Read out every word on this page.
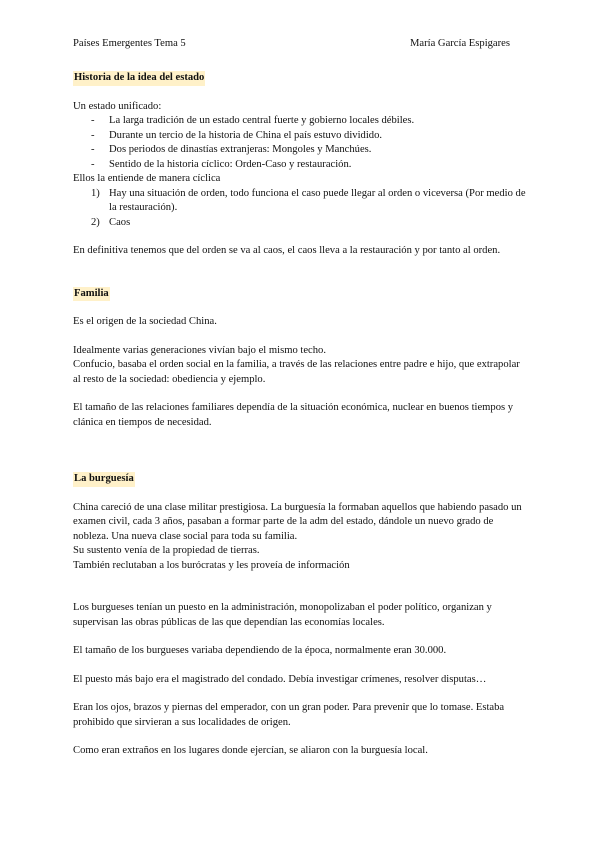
Países Emergentes Tema 5	María García Espigares
Historia de la idea del estado

Un estado unificado:

- La larga tradición de un estado central fuerte y gobierno locales débiles.
- Durante un tercio de la historia de China el país estuvo dividido.
- Dos periodos de dinastías extranjeras: Mongoles y Manchúes.
- Sentido de la historia cíclico: Orden-Caso y restauración.

Ellos la entiende de manera cíclica

1) Hay una situación de orden, todo funciona el caso puede llegar al orden o viceversa (Por medio de la restauración).
2) Caos

En definitiva tenemos que del orden se va al caos, el caos lleva a la restauración y por tanto al orden.

Familia

Es el origen de la sociedad China.

Idealmente varias generaciones vivían bajo el mismo techo.

Confucio, basaba el orden social en la familia, a través de las relaciones entre padre e hijo, que extrapolar al resto de la sociedad: obediencia y ejemplo.

El tamaño de las relaciones familiares dependía de la situación económica, nuclear en buenos tiempos y clánica en tiempos de necesidad.

La burguesía

China careció de una clase militar prestigiosa. La burguesía la formaban aquellos que habiendo pasado un examen civil, cada 3 años, pasaban a formar parte de la adm del estado, dándole un nuevo grado de nobleza. Una nueva clase social para toda su familia.

Su sustento venía de la propiedad de tierras.

También reclutaban a los burócratas y les proveía de información

Los burgueses tenían un puesto en la administración, monopolizaban el poder político, organizan y supervisan las obras públicas de las que dependían las economías locales.

El tamaño de los burgueses variaba dependiendo de la época, normalmente eran 30.000.

El puesto más bajo era el magistrado del condado. Debía investigar crímenes, resolver disputas…

Eran los ojos, brazos y piernas del emperador, con un gran poder. Para prevenir que lo tomase. Estaba prohibido que sirvieran a sus localidades de origen.

Como eran extraños en los lugares donde ejercían, se aliaron con la burguesía local.
